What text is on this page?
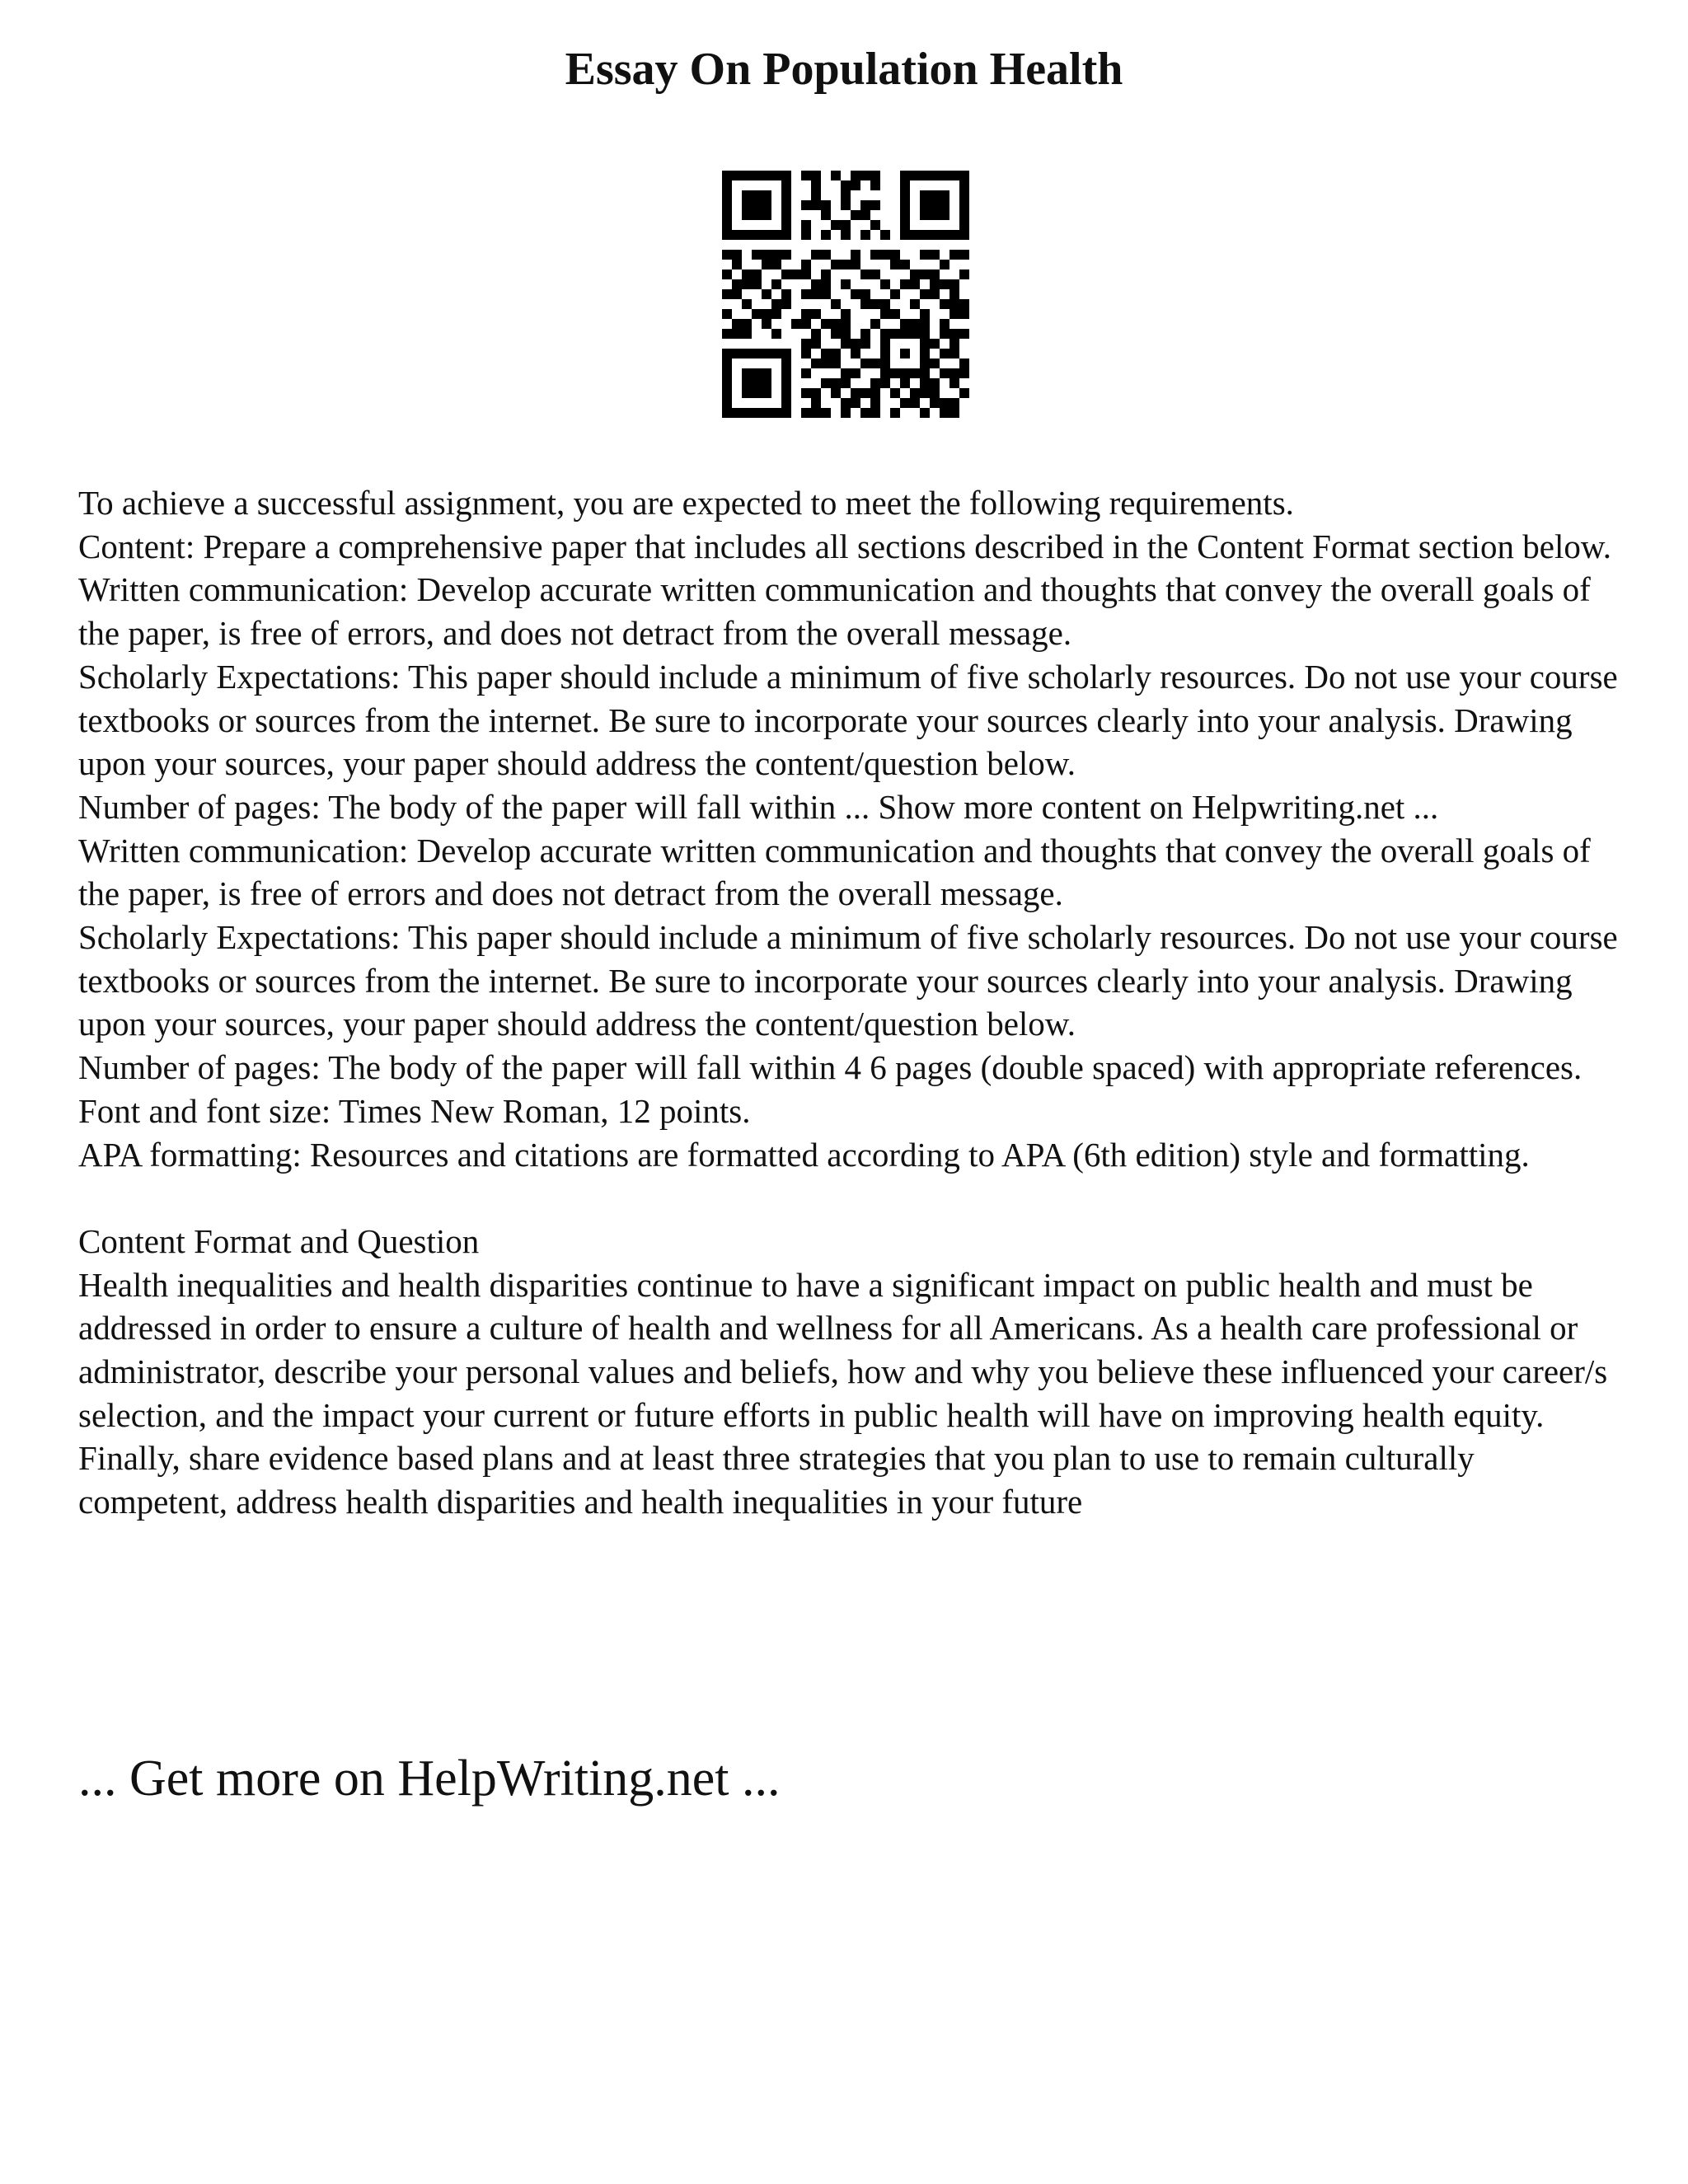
Essay On Population Health

To achieve a successful assignment, you are expected to meet the following requirements.

Content: Prepare a comprehensive paper that includes all sections described in the Content Format section below.

Written communication: Develop accurate written communication and thoughts that convey the overall goals of the paper, is free of errors, and does not detract from the overall message.

Scholarly Expectations: This paper should include a minimum of five scholarly resources. Do not use your course textbooks or sources from the internet. Be sure to incorporate your sources clearly into your analysis. Drawing upon your sources, your paper should address the content/question below.

Number of pages: The body of the paper will fall within ... Show more content on Helpwriting.net ...

Written communication: Develop accurate written communication and thoughts that convey the overall goals of the paper, is free of errors and does not detract from the overall message.

Scholarly Expectations: This paper should include a minimum of five scholarly resources. Do not use your course textbooks or sources from the internet. Be sure to incorporate your sources clearly into your analysis. Drawing upon your sources, your paper should address the content/question below.

Number of pages: The body of the paper will fall within 4 6 pages (double spaced) with appropriate references.

Font and font size: Times New Roman, 12 points.

APA formatting: Resources and citations are formatted according to APA (6th edition) style and formatting.

Content Format and Question

Health inequalities and health disparities continue to have a significant impact on public health and must be addressed in order to ensure a culture of health and wellness for all Americans. As a health care professional or administrator, describe your personal values and beliefs, how and why you believe these influenced your career/s selection, and the impact your current or future efforts in public health will have on improving health equity. Finally, share evidence based plans and at least three strategies that you plan to use to remain culturally competent, address health disparities and health inequalities in your future

... Get more on HelpWriting.net ...
